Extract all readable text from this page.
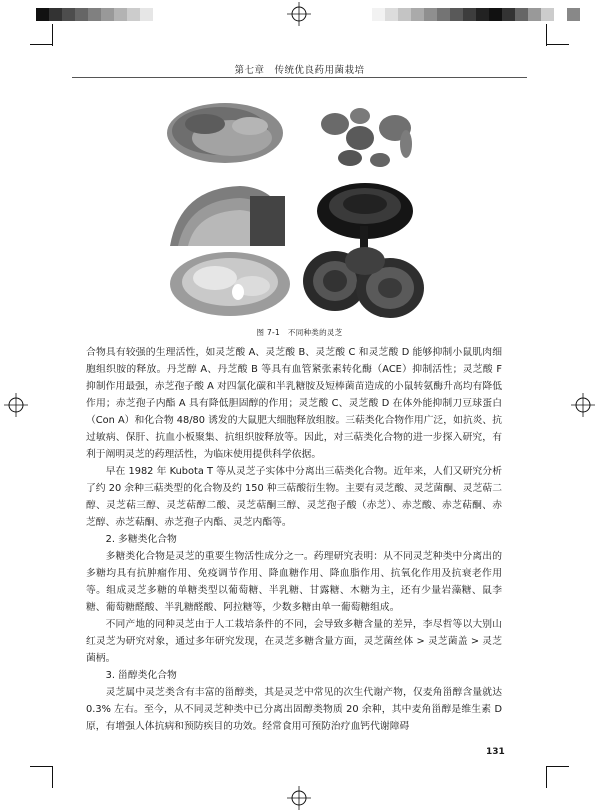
第七章　传统优良药用菌栽培
图 7-1　不同种类的灵芝

合物具有较强的生理活性，如灵芝酸 A、灵芝酸 B、灵芝酸 C 和灵芝酸 D 能够抑制小鼠肌肉细胞组织胺的释放。丹芝醇 A、丹芝酸 B 等具有血管紧张素转化酶（ACE）抑制活性；灵芝酸 F 抑制作用最强，赤芝孢子酸 A 对四氯化碳和半乳糖胺及短棒菌苗造成的小鼠转氨酶升高均有降低作用；赤芝孢子内酯 A 具有降低胆固醇的作用；灵芝酸 C、灵芝酸 D 在体外能抑制刀豆球蛋白（Con A）和化合物 48/80 诱发的大鼠肥大细胞释放组胺。三萜类化合物作用广泛，如抗炎、抗过敏病、保肝、抗血小板聚集、抗组织胺释放等。因此，对三萜类化合物的进一步探入研究，有利于阐明灵芝的药理活性，为临床使用提供科学依据。

早在 1982 年 Kubota T 等从灵芝子实体中分离出三萜类化合物。近年来，人们又研究分析了约 20 余种三萜类型的化合物及约 150 种三萜酸衍生物。主要有灵芝酸、灵芝菌酮、灵芝萜二醇、灵芝萜三醇、灵芝萜醇二酸、灵芝萜酮三醇、灵芝孢子酸（赤芝）、赤芝酸、赤芝萜酮、赤芝醇、赤芝萜酮、赤芝孢子内酯、灵芝内酯等。

2. 多糖类化合物

多糖类化合物是灵芝的重要生物活性成分之一。药理研究表明：从不同灵芝种类中分离出的多糖均具有抗肿瘤作用、免疫调节作用、降血糖作用、降血脂作用、抗氧化作用及抗衰老作用等。组成灵芝多糖的单糖类型以葡萄糖、半乳糖、甘露糖、木糖为主，还有少量岩藻糖、鼠李糖、葡萄糖醛酸、半乳糖醛酸、阿拉糖等，少数多糖由单一葡萄糖组成。

不同产地的同种灵芝由于人工栽培条件的不同，会导致多糖含量的差异，李尽哲等以大别山红灵芝为研究对象，通过多年研究发现，在灵芝多糖含量方面，灵芝菌丝体 > 灵芝菌盖 > 灵芝菌柄。

3. 甾醇类化合物

灵芝属中灵芝类含有丰富的甾醇类，其是灵芝中常见的次生代谢产物，仅麦角甾醇含量就达 0.3% 左右。至今，从不同灵芝种类中已分离出固醇类物质 20 余种，其中麦角甾醇是维生素 D 原，有增强人体抗病和预防疾目的功效。经常食用可预防治疗血钙代谢障碍

131
